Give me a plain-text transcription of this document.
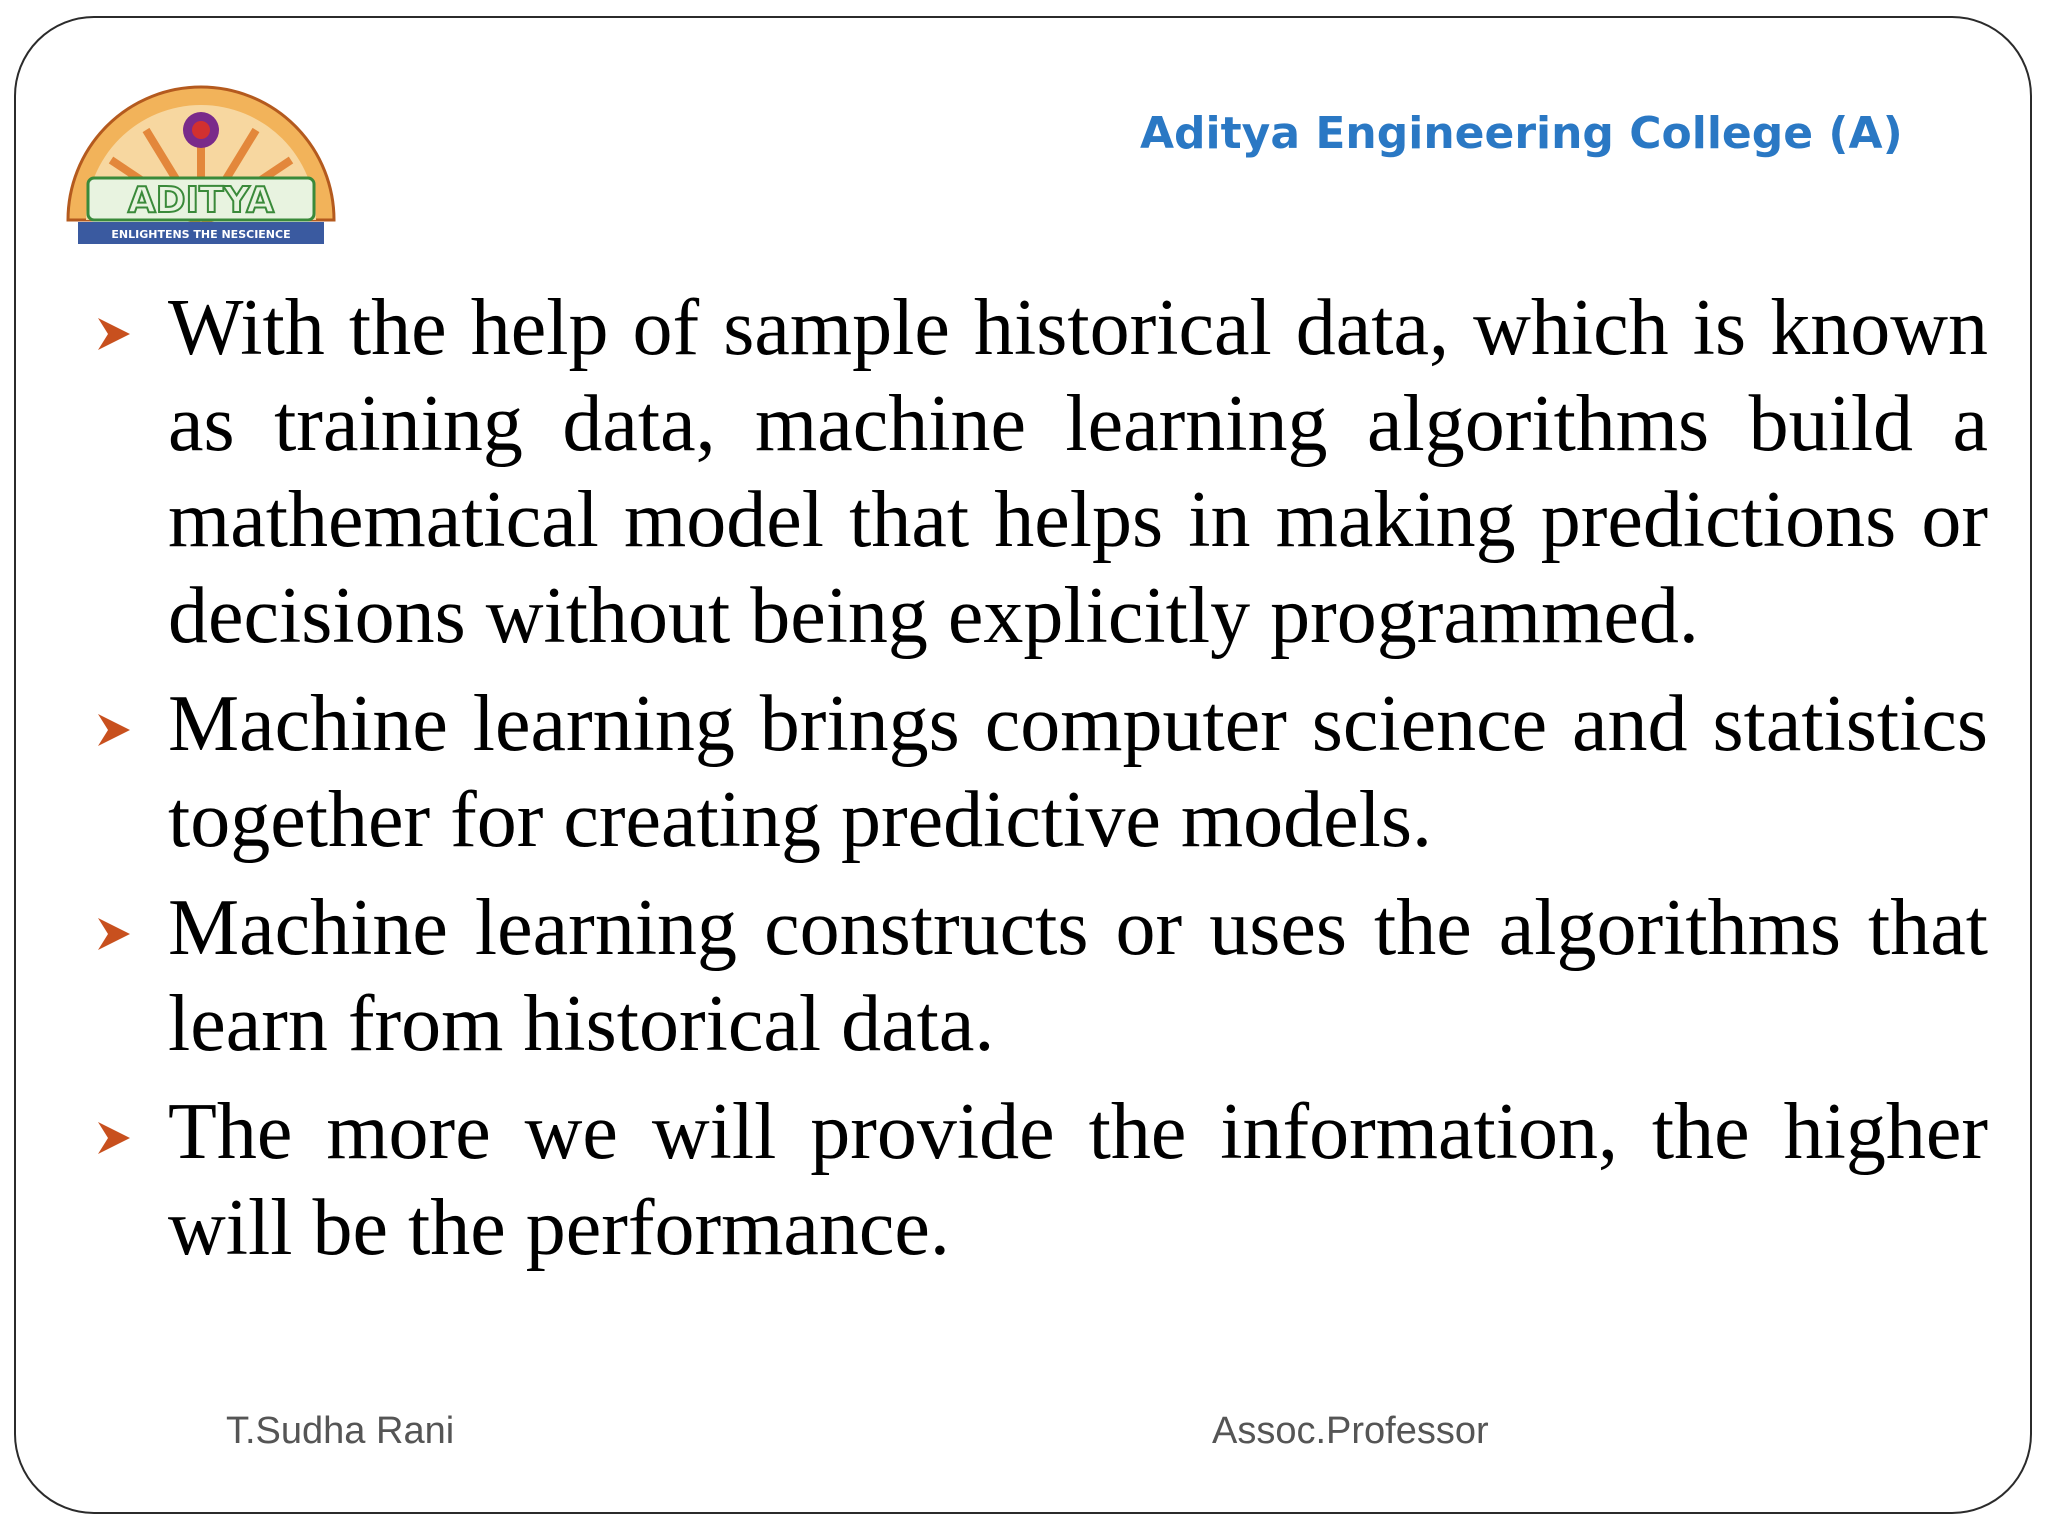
ADITYA
ENLIGHTENS THE NESCIENCE
Aditya Engineering College (A)
With the help of sample historical data, which is known as training data, machine learning algorithms build a mathematical model that helps in making predictions or decisions without being explicitly programmed.
Machine learning brings computer science and statistics together for creating predictive models.
Machine learning constructs or uses the algorithms that learn from historical data.
The more we will provide the information, the higher will be the performance.
T.Sudha Rani	Assoc.Professor
